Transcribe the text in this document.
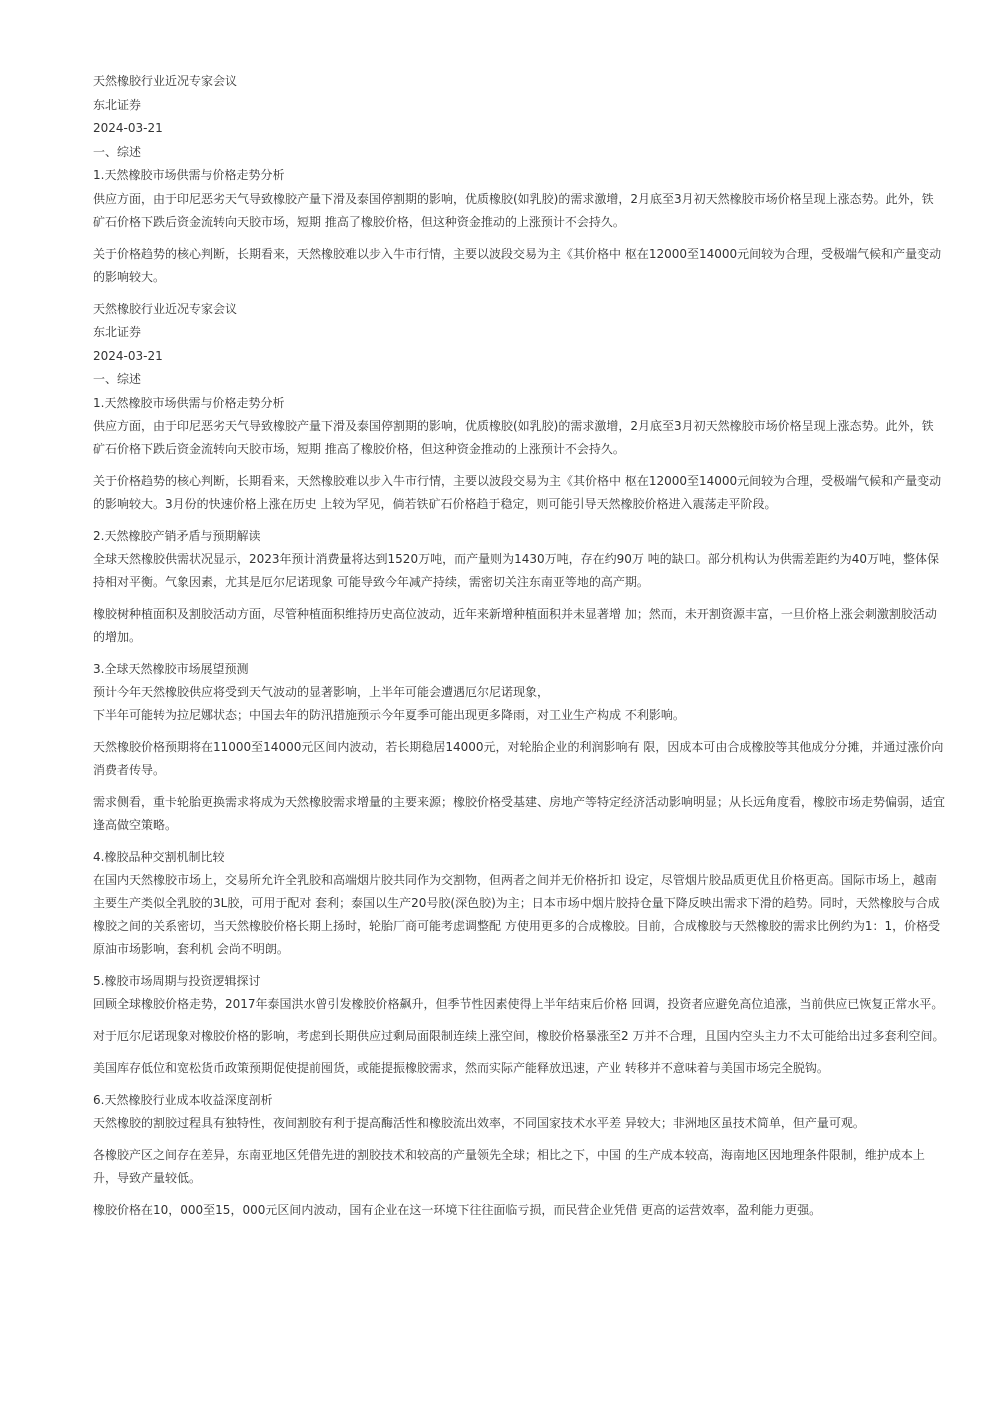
天然橡胶行业近况专家会议
东北证券
2024-03-21
一、综述
1.天然橡胶市场供需与价格走势分析

供应方面，由于印尼恶劣天气导致橡胶产量下滑及泰国停割期的影响，优质橡胶(如乳胶)的需求激增，2月底至3月初天然橡胶市场价格呈现上涨态势。此外，铁矿石价格下跌后资金流转向天胶市场，短期 推高了橡胶价格，但这种资金推动的上涨预计不会持久。

关于价格趋势的核心判断，长期看来，天然橡胶难以步入牛市行情，主要以波段交易为主《其价格中 枢在12000至14000元间较为合理，受极端气候和产量变动的影响较大。

天然橡胶行业近况专家会议
东北证券
2024-03-21
一、综述
1.天然橡胶市场供需与价格走势分析

供应方面，由于印尼恶劣天气导致橡胶产量下滑及泰国停割期的影响，优质橡胶(如乳胶)的需求激增，2月底至3月初天然橡胶市场价格呈现上涨态势。此外，铁矿石价格下跌后资金流转向天胶市场，短期 推高了橡胶价格，但这种资金推动的上涨预计不会持久。

关于价格趋势的核心判断，长期看来，天然橡胶难以步入牛市行情，主要以波段交易为主《其价格中 枢在12000至14000元间较为合理，受极端气候和产量变动的影响较大。3月份的快速价格上涨在历史 上较为罕见，倘若铁矿石价格趋于稳定，则可能引导天然橡胶价格进入震荡走平阶段。

2.天然橡胶产销矛盾与预期解读

全球天然橡胶供需状况显示，2023年预计消费量将达到1520万吨，而产量则为1430万吨，存在约90万 吨的缺口。部分机构认为供需差距约为40万吨，整体保持相对平衡。气象因素，尤其是厄尔尼诺现象 可能导致今年减产持续，需密切关注东南亚等地的高产期。

橡胶树种植面积及割胶活动方面，尽管种植面积维持历史高位波动，近年来新增种植面积并未显著增 加；然而，未开割资源丰富，一旦价格上涨会刺激割胶活动的增加。

3.全球天然橡胶市场展望预测

预计今年天然橡胶供应将受到天气波动的显著影响，上半年可能会遭遇厄尔尼诺现象，

下半年可能转为拉尼娜状态；中国去年的防汛措施预示今年夏季可能出现更多降雨，对工业生产构成 不利影响。

天然橡胶价格预期将在11000至14000元区间内波动，若长期稳居14000元，对轮胎企业的利润影响有 限，因成本可由合成橡胶等其他成分分摊，并通过涨价向消费者传导。

需求侧看，重卡轮胎更换需求将成为天然橡胶需求增量的主要来源；橡胶价格受基建、房地产等特定经济活动影响明显；从长远角度看，橡胶市场走势偏弱，适宜逢高做空策略。

4.橡胶品种交割机制比较

在国内天然橡胶市场上，交易所允许全乳胶和高端烟片胶共同作为交割物，但两者之间并无价格折扣 设定，尽管烟片胶品质更优且价格更高。国际市场上，越南主要生产类似全乳胶的3L胶，可用于配对 套利；泰国以生产20号胶(深色胶)为主；日本市场中烟片胶持仓量下降反映出需求下滑的趋势。同时，天然橡胶与合成橡胶之间的关系密切，当天然橡胶价格长期上扬时，轮胎厂商可能考虑调整配 方使用更多的合成橡胶。目前，合成橡胶与天然橡胶的需求比例约为1：1，价格受原油市场影响，套利机 会尚不明朗。

5.橡胶市场周期与投资逻辑探讨

回顾全球橡胶价格走势，2017年泰国洪水曾引发橡胶价格飙升，但季节性因素使得上半年结束后价格 回调，投资者应避免高位追涨，当前供应已恢复正常水平。

对于厄尔尼诺现象对橡胶价格的影响，考虑到长期供应过剩局面限制连续上涨空间，橡胶价格暴涨至2 万并不合理，且国内空头主力不太可能给出过多套利空间。

美国库存低位和宽松货币政策预期促使提前囤货，或能提振橡胶需求，然而实际产能释放迅速，产业 转移并不意味着与美国市场完全脱钩。

6.天然橡胶行业成本收益深度剖析

天然橡胶的割胶过程具有独特性，夜间割胶有利于提高酶活性和橡胶流出效率，不同国家技术水平差 异较大；非洲地区虽技术简单，但产量可观。

各橡胶产区之间存在差异，东南亚地区凭借先进的割胶技术和较高的产量领先全球；相比之下，中国 的生产成本较高，海南地区因地理条件限制，维护成本上升，导致产量较低。

橡胶价格在10，000至15，000元区间内波动，国有企业在这一环境下往往面临亏损，而民营企业凭借 更高的运营效率，盈利能力更强。
